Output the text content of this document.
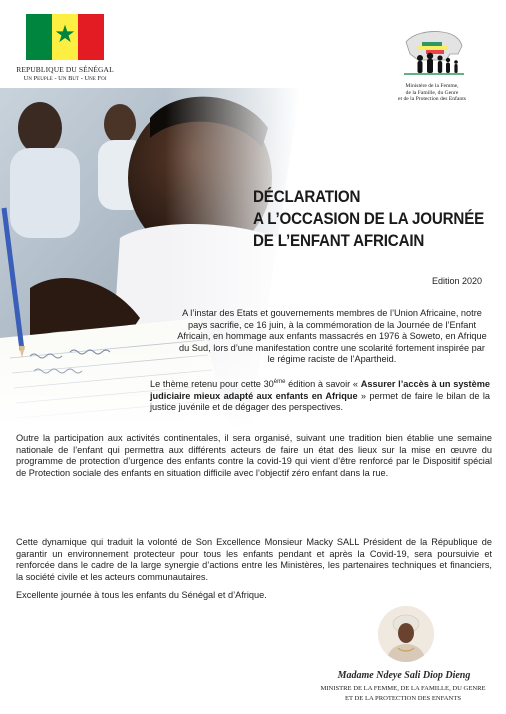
★
REPUBLIQUE DU SÉNÉGAL
Un Peuple - Un But - Une Foi
Ministère de la Femme,
de la Famille, du Genre
et de la Protection des Enfants
DÉCLARATION
A L’OCCASION DE LA JOURNÉE
DE L’ENFANT AFRICAIN
Edition 2020
A l’instar des Etats et gouvernements membres de l’Union Africaine, notre pays sacrifie, ce 16 juin, à la commémoration de la Journée de l’Enfant Africain, en hommage aux enfants massacrés en 1976 à Soweto, en Afrique du Sud, lors d’une manifestation contre une scolarité fortement inspirée par le régime raciste de l’Apartheid.
Le thème retenu pour cette 30ème édition à savoir « Assurer l’accès à un système judiciaire mieux adapté aux enfants en Afrique » permet de faire le bilan de la justice juvénile et de dégager des perspectives.
Outre la participation aux activités continentales, il sera organisé, suivant une tradition bien établie une semaine nationale de l’enfant qui permettra aux différents acteurs de faire un état des lieux sur la mise en œuvre du programme de protection d’urgence des enfants contre la covid-19 qui vient d’être renforcé par le Dispositif spécial de Protection sociale des enfants en situation difficile avec l’objectif zéro enfant dans la rue.
Cette dynamique qui traduit la volonté de Son Excellence Monsieur Macky SALL Président de la République de garantir un environnement protecteur pour tous les enfants pendant et après la Covid-19, sera poursuivie et renforcée dans le cadre de la large synergie d’actions entre les Ministères, les partenaires techniques et financiers, la société civile et les acteurs communautaires.
Excellente journée à tous les enfants du Sénégal et d’Afrique.
Madame Ndeye Sali Diop Dieng
MINISTRE DE LA FEMME, DE LA FAMILLE, DU GENRE
ET DE LA PROTECTION DES ENFANTS
